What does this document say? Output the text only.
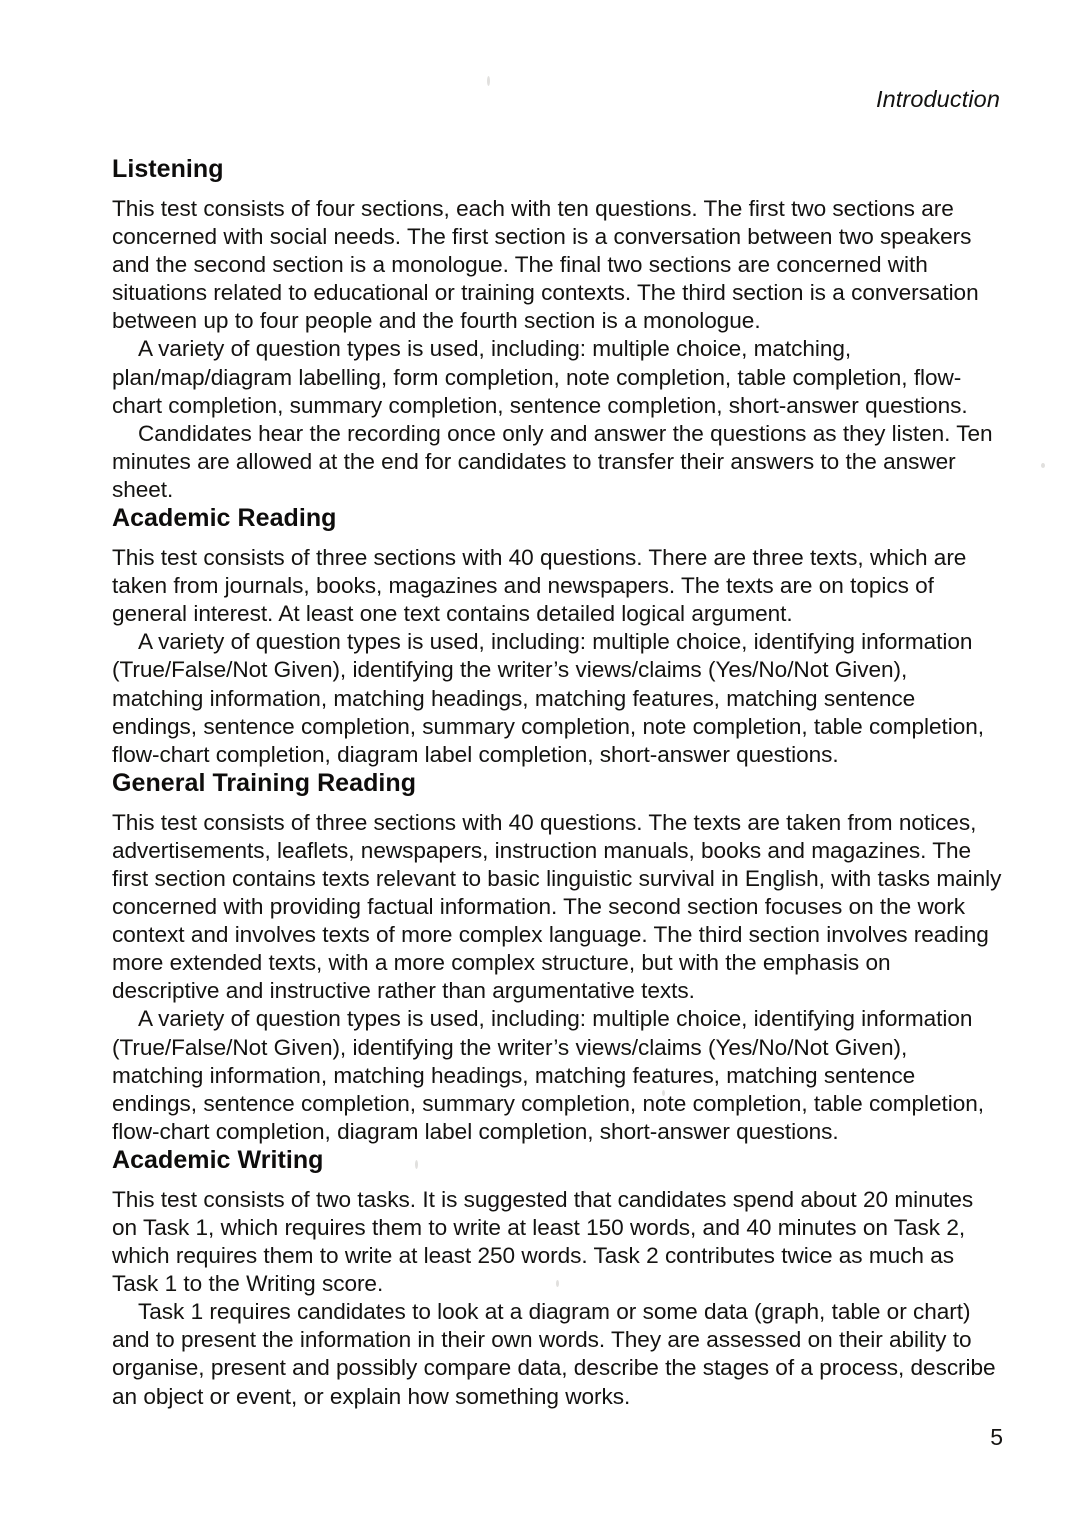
Introduction
Listening

This test consists of four sections, each with ten questions. The first two sections are concerned with social needs. The first section is a conversation between two speakers and the second section is a monologue. The final two sections are concerned with situations related to educational or training contexts. The third section is a conversation between up to four people and the fourth section is a monologue.

A variety of question types is used, including: multiple choice, matching, plan/map/diagram labelling, form completion, note completion, table completion, flow-chart completion, summary completion, sentence completion, short-answer questions.

Candidates hear the recording once only and answer the questions as they listen. Ten minutes are allowed at the end for candidates to transfer their answers to the answer sheet.

Academic Reading

This test consists of three sections with 40 questions. There are three texts, which are taken from journals, books, magazines and newspapers. The texts are on topics of general interest. At least one text contains detailed logical argument.

A variety of question types is used, including: multiple choice, identifying information (True/False/Not Given), identifying the writer’s views/claims (Yes/No/Not Given), matching information, matching headings, matching features, matching sentence endings, sentence completion, summary completion, note completion, table completion, flow-chart completion, diagram label completion, short-answer questions.

General Training Reading

This test consists of three sections with 40 questions. The texts are taken from notices, advertisements, leaflets, newspapers, instruction manuals, books and magazines. The first section contains texts relevant to basic linguistic survival in English, with tasks mainly concerned with providing factual information. The second section focuses on the work context and involves texts of more complex language. The third section involves reading more extended texts, with a more complex structure, but with the emphasis on descriptive and instructive rather than argumentative texts.

A variety of question types is used, including: multiple choice, identifying information (True/False/Not Given), identifying the writer’s views/claims (Yes/No/Not Given), matching information, matching headings, matching features, matching sentence endings, sentence completion, summary completion, note completion, table completion, flow-chart completion, diagram label completion, short-answer questions.

Academic Writing

This test consists of two tasks. It is suggested that candidates spend about 20 minutes on Task 1, which requires them to write at least 150 words, and 40 minutes on Task 2, which requires them to write at least 250 words. Task 2 contributes twice as much as Task 1 to the Writing score.

Task 1 requires candidates to look at a diagram or some data (graph, table or chart) and to present the information in their own words. They are assessed on their ability to organise, present and possibly compare data, describe the stages of a process, describe an object or event, or explain how something works.

5
